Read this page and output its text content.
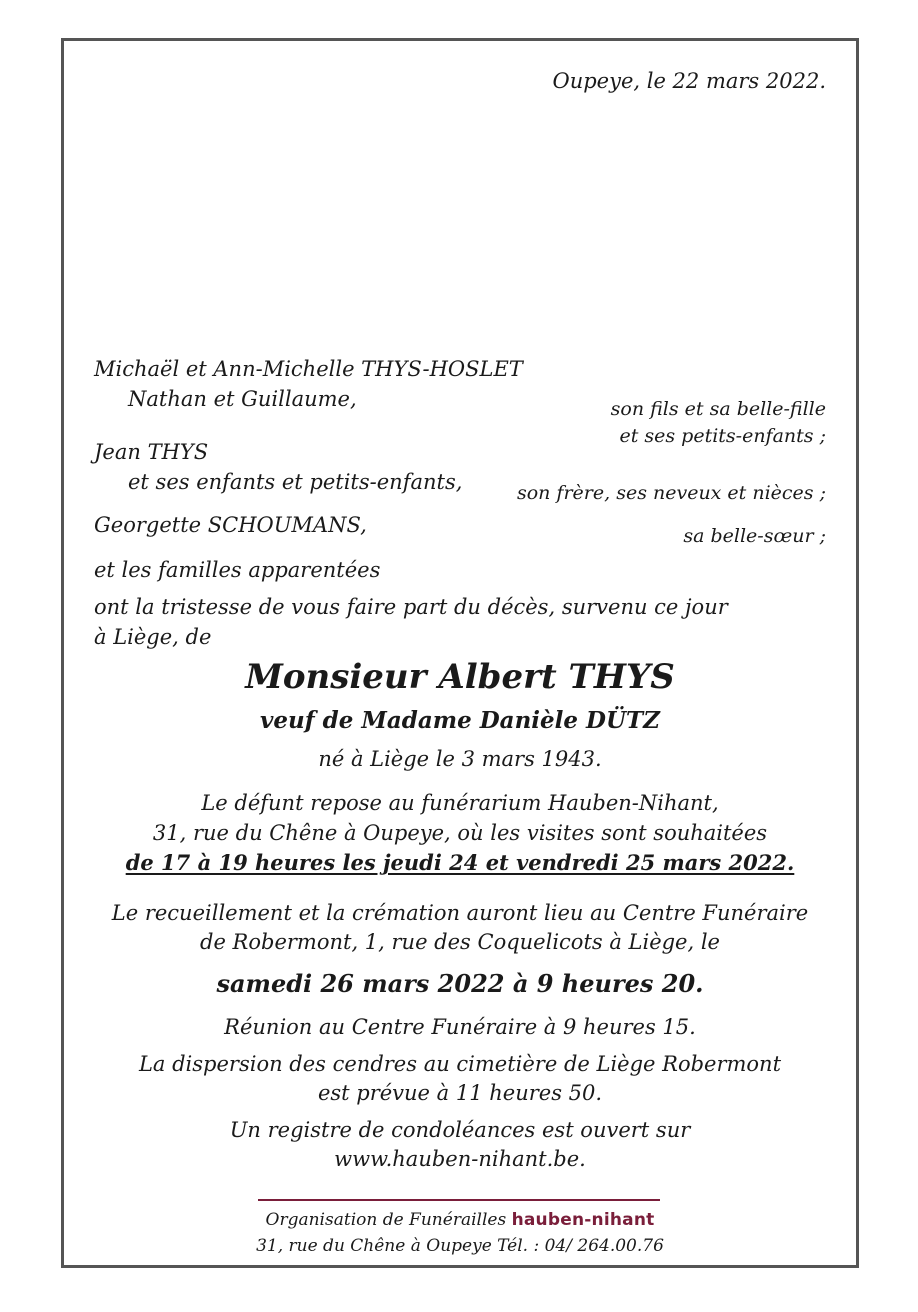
Oupeye, le 22 mars 2022.
Michaël et Ann-Michelle THYS-HOSLET
Nathan et Guillaume,
Jean THYS
et ses enfants et petits-enfants,
Georgette SCHOUMANS,
et les familles apparentées
son fils et sa belle-fille
et ses petits-enfants ;
son frère, ses neveux et nièces ;
sa belle-sœur ;
ont la tristesse de vous faire part du décès, survenu ce jour
à Liège, de
Monsieur Albert THYS
veuf de Madame Danièle DÜTZ
né à Liège le 3 mars 1943.
Le défunt repose au funérarium Hauben-Nihant,
31, rue du Chêne à Oupeye, où les visites sont souhaitées
de 17 à 19 heures les jeudi 24 et vendredi 25 mars 2022.
Le recueillement et la crémation auront lieu au Centre Funéraire
de Robermont, 1, rue des Coquelicots à Liège, le
samedi 26 mars 2022 à 9 heures 20.
Réunion au Centre Funéraire à 9 heures 15.
La dispersion des cendres au cimetière de Liège Robermont
est prévue à 11 heures 50.
Un registre de condoléances est ouvert sur
www.hauben-nihant.be.
Organisation de Funérailles hauben-nihant
31, rue du Chêne à Oupeye Tél. : 04/ 264.00.76
